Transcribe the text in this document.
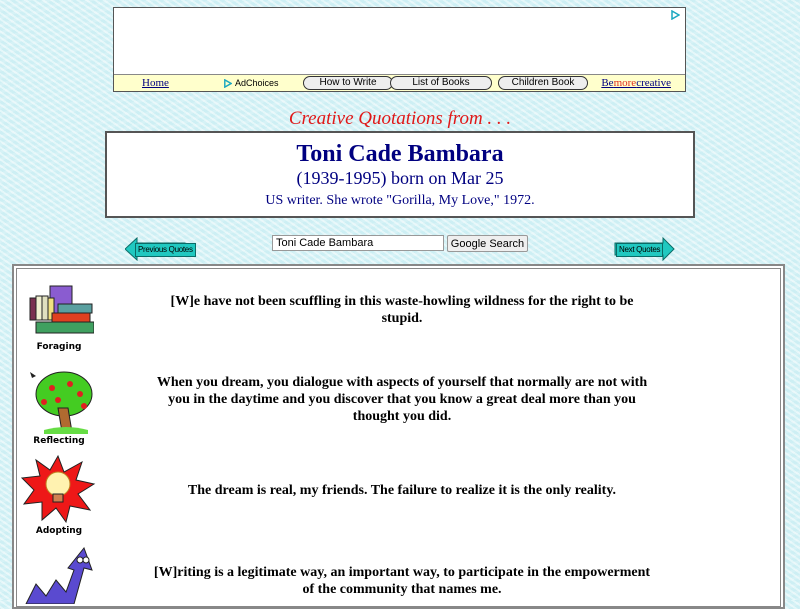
Home	AdChoices	How to Write	List of Books	Children Book	Bemorecreative
Creative Quotations from . . .
Toni Cade Bambara
(1939-1995) born on Mar 25
US writer. She wrote "Gorilla, My Love," 1972.
Previous Quotes
Toni Cade Bambara	Google Search	Next Quotes
Foraging
Reflecting
Adopting
[W]e have not been scuffling in this waste-howling wildness for the right to be stupid.
When you dream, you dialogue with aspects of yourself that normally are not with you in the daytime and you discover that you know a great deal more than you thought you did.
The dream is real, my friends. The failure to realize it is the only reality.
[W]riting is a legitimate way, an important way, to participate in the empowerment of the community that names me.
